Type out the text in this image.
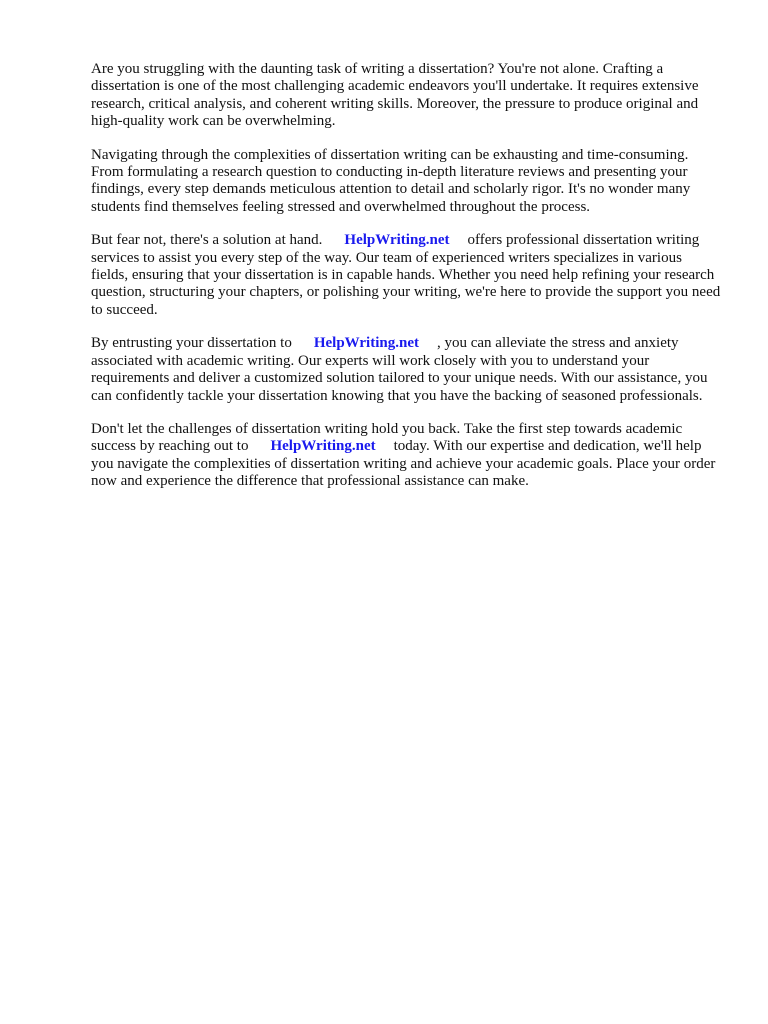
Are you struggling with the daunting task of writing a dissertation? You're not alone. Crafting a dissertation is one of the most challenging academic endeavors you'll undertake. It requires extensive research, critical analysis, and coherent writing skills. Moreover, the pressure to produce original and high-quality work can be overwhelming.

Navigating through the complexities of dissertation writing can be exhausting and time-consuming. From formulating a research question to conducting in-depth literature reviews and presenting your findings, every step demands meticulous attention to detail and scholarly rigor. It's no wonder many students find themselves feeling stressed and overwhelmed throughout the process.

But fear not, there's a solution at hand. HelpWriting.net offers professional dissertation writing services to assist you every step of the way. Our team of experienced writers specializes in various fields, ensuring that your dissertation is in capable hands. Whether you need help refining your research question, structuring your chapters, or polishing your writing, we're here to provide the support you need to succeed.

By entrusting your dissertation to HelpWriting.net , you can alleviate the stress and anxiety associated with academic writing. Our experts will work closely with you to understand your requirements and deliver a customized solution tailored to your unique needs. With our assistance, you can confidently tackle your dissertation knowing that you have the backing of seasoned professionals.

Don't let the challenges of dissertation writing hold you back. Take the first step towards academic success by reaching out to HelpWriting.net today. With our expertise and dedication, we'll help you navigate the complexities of dissertation writing and achieve your academic goals. Place your order now and experience the difference that professional assistance can make.
